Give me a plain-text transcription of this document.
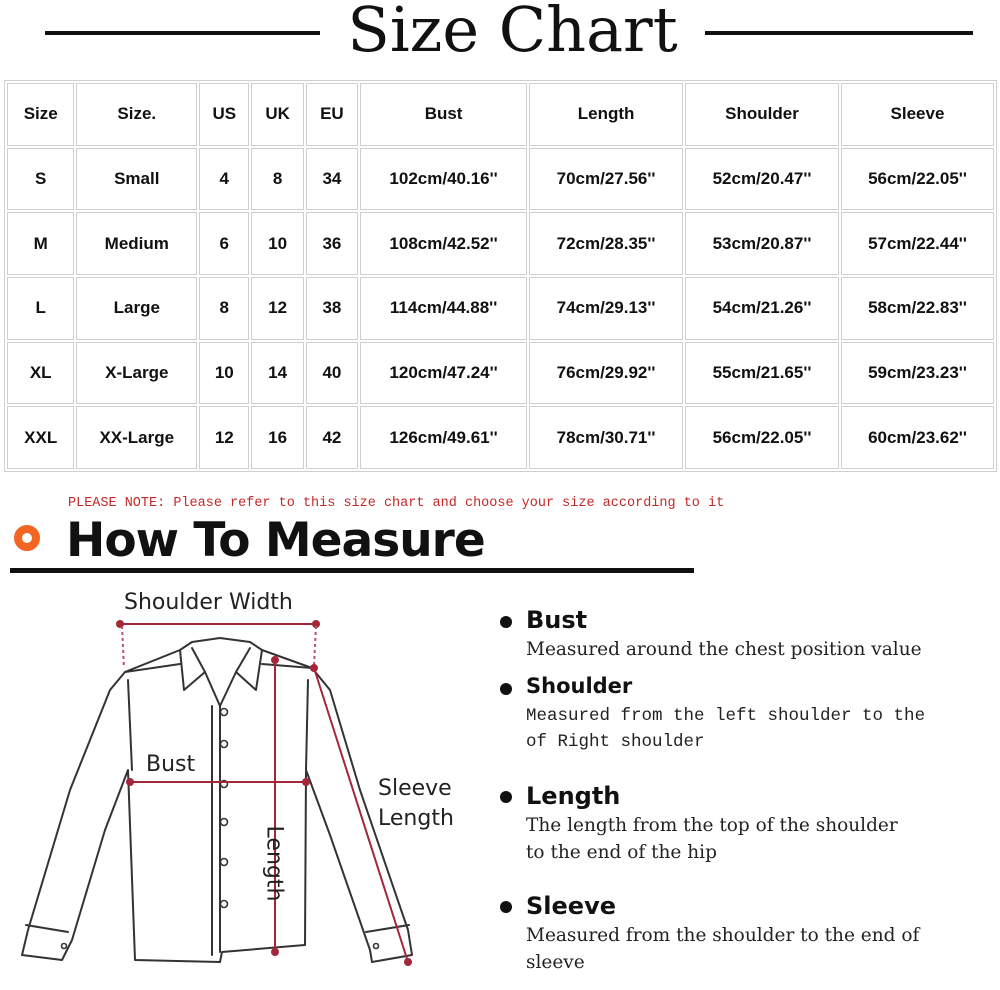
Size Chart
Size	Size.	US	UK	EU	Bust	Length	Shoulder	Sleeve
S	Small	4	8	34	102cm/40.16''	70cm/27.56''	52cm/20.47''	56cm/22.05''
M	Medium	6	10	36	108cm/42.52''	72cm/28.35''	53cm/20.87''	57cm/22.44''
L	Large	8	12	38	114cm/44.88''	74cm/29.13''	54cm/21.26''	58cm/22.83''
XL	X-Large	10	14	40	120cm/47.24''	76cm/29.92''	55cm/21.65''	59cm/23.23''
XXL	XX-Large	12	16	42	126cm/49.61''	78cm/30.71''	56cm/22.05''	60cm/23.62''
PLEASE NOTE: Please refer to this size chart and choose your size according to it
How To Measure
Shoulder Width
Bust
Sleeve
Length
Length
Bust
Measured around the chest position value
Shoulder
Measured from the left shoulder to the of Right shoulder
Length
The length from the top of the shoulder to the end of the hip
Sleeve
Measured from the shoulder to the end of sleeve
